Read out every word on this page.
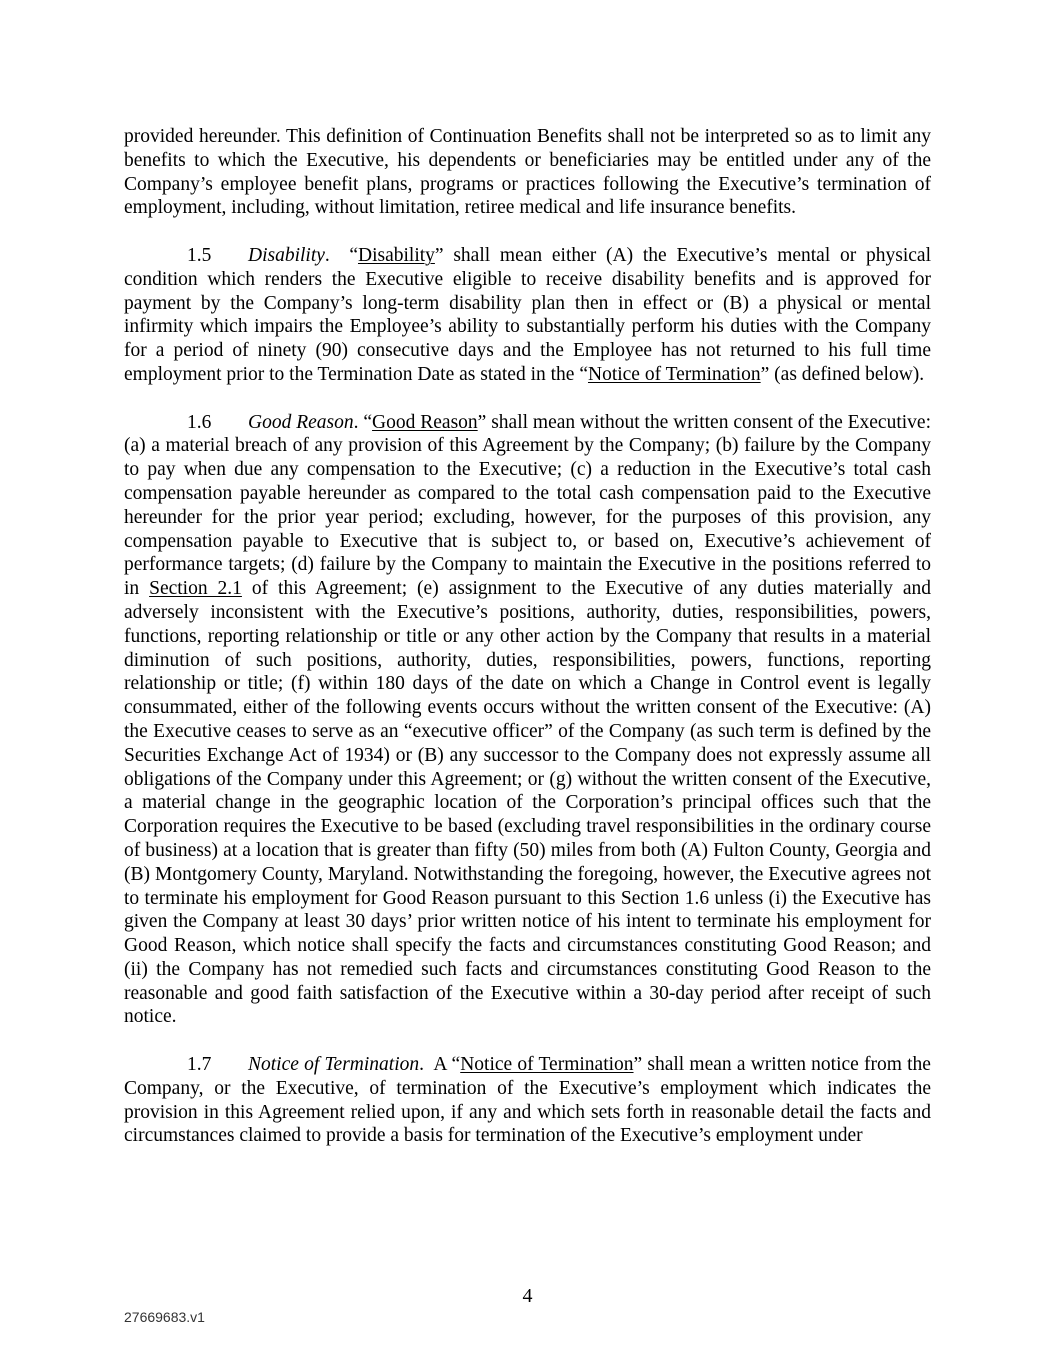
provided hereunder. This definition of Continuation Benefits shall not be interpreted so as to limit any benefits to which the Executive, his dependents or beneficiaries may be entitled under any of the Company’s employee benefit plans, programs or practices following the Executive’s termination of employment, including, without limitation, retiree medical and life insurance benefits.

1.5 Disability. “Disability” shall mean either (A) the Executive’s mental or physical condition which renders the Executive eligible to receive disability benefits and is approved for payment by the Company’s long-term disability plan then in effect or (B) a physical or mental infirmity which impairs the Employee’s ability to substantially perform his duties with the Company for a period of ninety (90) consecutive days and the Employee has not returned to his full time employment prior to the Termination Date as stated in the “Notice of Termination” (as defined below).

1.6 Good Reason. “Good Reason” shall mean without the written consent of the Executive: (a) a material breach of any provision of this Agreement by the Company; (b) failure by the Company to pay when due any compensation to the Executive; (c) a reduction in the Executive’s total cash compensation payable hereunder as compared to the total cash compensation paid to the Executive hereunder for the prior year period; excluding, however, for the purposes of this provision, any compensation payable to Executive that is subject to, or based on, Executive’s achievement of performance targets; (d) failure by the Company to maintain the Executive in the positions referred to in Section 2.1 of this Agreement; (e) assignment to the Executive of any duties materially and adversely inconsistent with the Executive’s positions, authority, duties, responsibilities, powers, functions, reporting relationship or title or any other action by the Company that results in a material diminution of such positions, authority, duties, responsibilities, powers, functions, reporting relationship or title; (f) within 180 days of the date on which a Change in Control event is legally consummated, either of the following events occurs without the written consent of the Executive: (A) the Executive ceases to serve as an “executive officer” of the Company (as such term is defined by the Securities Exchange Act of 1934) or (B) any successor to the Company does not expressly assume all obligations of the Company under this Agreement; or (g) without the written consent of the Executive, a material change in the geographic location of the Corporation’s principal offices such that the Corporation requires the Executive to be based (excluding travel responsibilities in the ordinary course of business) at a location that is greater than fifty (50) miles from both (A) Fulton County, Georgia and (B) Montgomery County, Maryland. Notwithstanding the foregoing, however, the Executive agrees not to terminate his employment for Good Reason pursuant to this Section 1.6 unless (i) the Executive has given the Company at least 30 days’ prior written notice of his intent to terminate his employment for Good Reason, which notice shall specify the facts and circumstances constituting Good Reason; and (ii) the Company has not remedied such facts and circumstances constituting Good Reason to the reasonable and good faith satisfaction of the Executive within a 30-day period after receipt of such notice.

1.7 Notice of Termination. A “Notice of Termination” shall mean a written notice from the Company, or the Executive, of termination of the Executive’s employment which indicates the provision in this Agreement relied upon, if any and which sets forth in reasonable detail the facts and circumstances claimed to provide a basis for termination of the Executive’s employment under

4
27669683.v1
